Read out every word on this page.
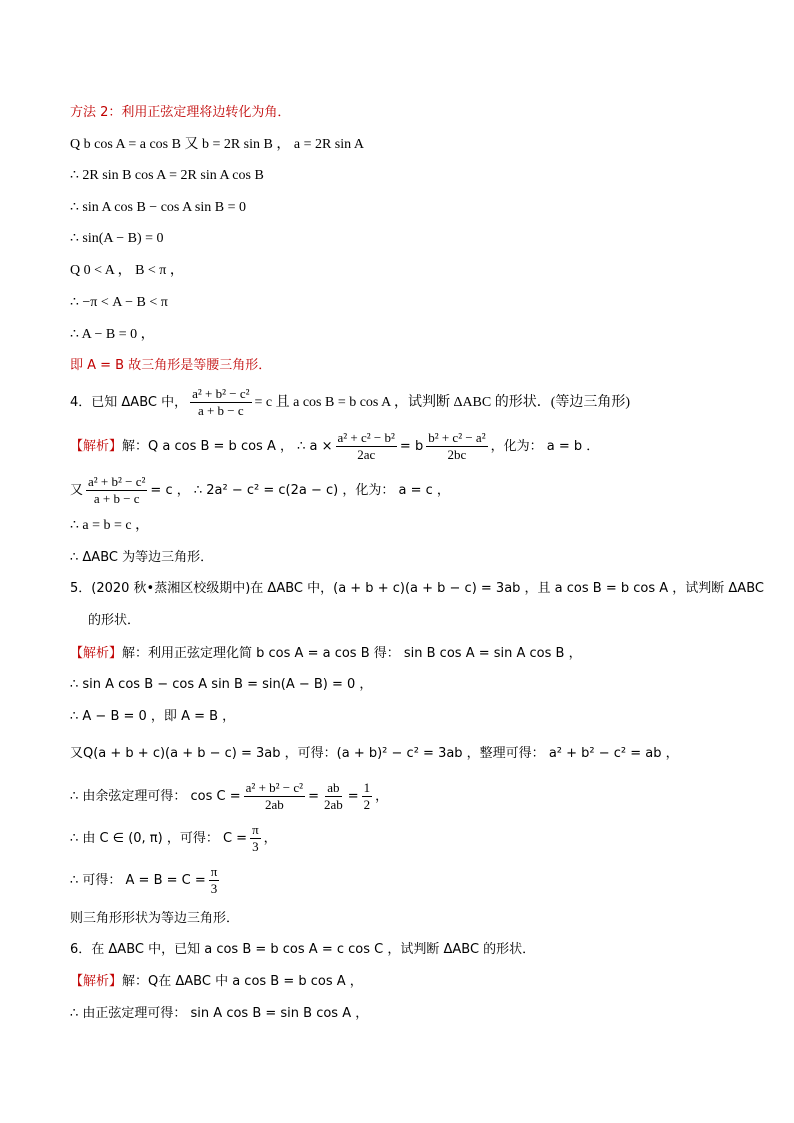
方法 2：利用正弦定理将边转化为角．
Q b cos A = a cos B 又 b = 2R sin B ， a = 2R sin A
∴ 2R sin B cos A = 2R sin A cos B
∴ sin A cos B − cos A sin B = 0
∴ sin(A − B) = 0
Q 0 < A ， B < π ，
∴ −π < A − B < π
∴ A − B = 0 ，
即 A = B 故三角形是等腰三角形．
4．已知 ΔABC 中， $\frac{\text{a² + b² − c²}}{a + b - c} = c$ 且 a cos B = b cos A ，试判断 ΔABC 的形状．(等边三角形)
【解析】解：Q a cos B = b cos A ， ∴ $a \times \frac{\text{a² + c² − b²}}{2ac} = b \frac{\text{b² + c² − a²}}{2bc}$ ，化为： a = b ．
又 $\frac{\text{a² + b² − c²}}{a + b - c} = c$ ， ∴ 2a² − c² = c(2a − c) ，化为： a = c ，
∴ a = b = c ，
∴ ΔABC 为等边三角形．
5．(2020 秋•蒸湘区校级期中)在 ΔABC 中，(a + b + c)(a + b − c) = 3ab ，且 a cos B = b cos A ，试判断 ΔABC
的形状．
【解析】解：利用正弦定理化简 b cos A = a cos B 得： sin B cos A = sin A cos B ，
∴ sin A cos B − cos A sin B = sin(A − B) = 0 ，
∴ A − B = 0 ，即 A = B ，
又Q(a + b + c)(a + b − c) = 3ab ，可得：(a + b)² − c² = 3ab ，整理可得： a² + b² − c² = ab ，
∴ 由余弦定理可得： $\cos C = \frac{\text{a² + b² − c²}}{2ab} = \frac{ab}{2ab} = \frac{1}{2}$ ，
∴ 由 C ∈ (0, π) ，可得： $C = \frac{\pi}{3}$ ，
∴ 可得： $A = B = C = \frac{\pi}{3}$
则三角形形状为等边三角形．
6．在 ΔABC 中，已知 a cos B = b cos A = c cos C ，试判断 ΔABC 的形状．
【解析】解：Q在 ΔABC 中 a cos B = b cos A ，
∴ 由正弦定理可得： sin A cos B = sin B cos A ，
